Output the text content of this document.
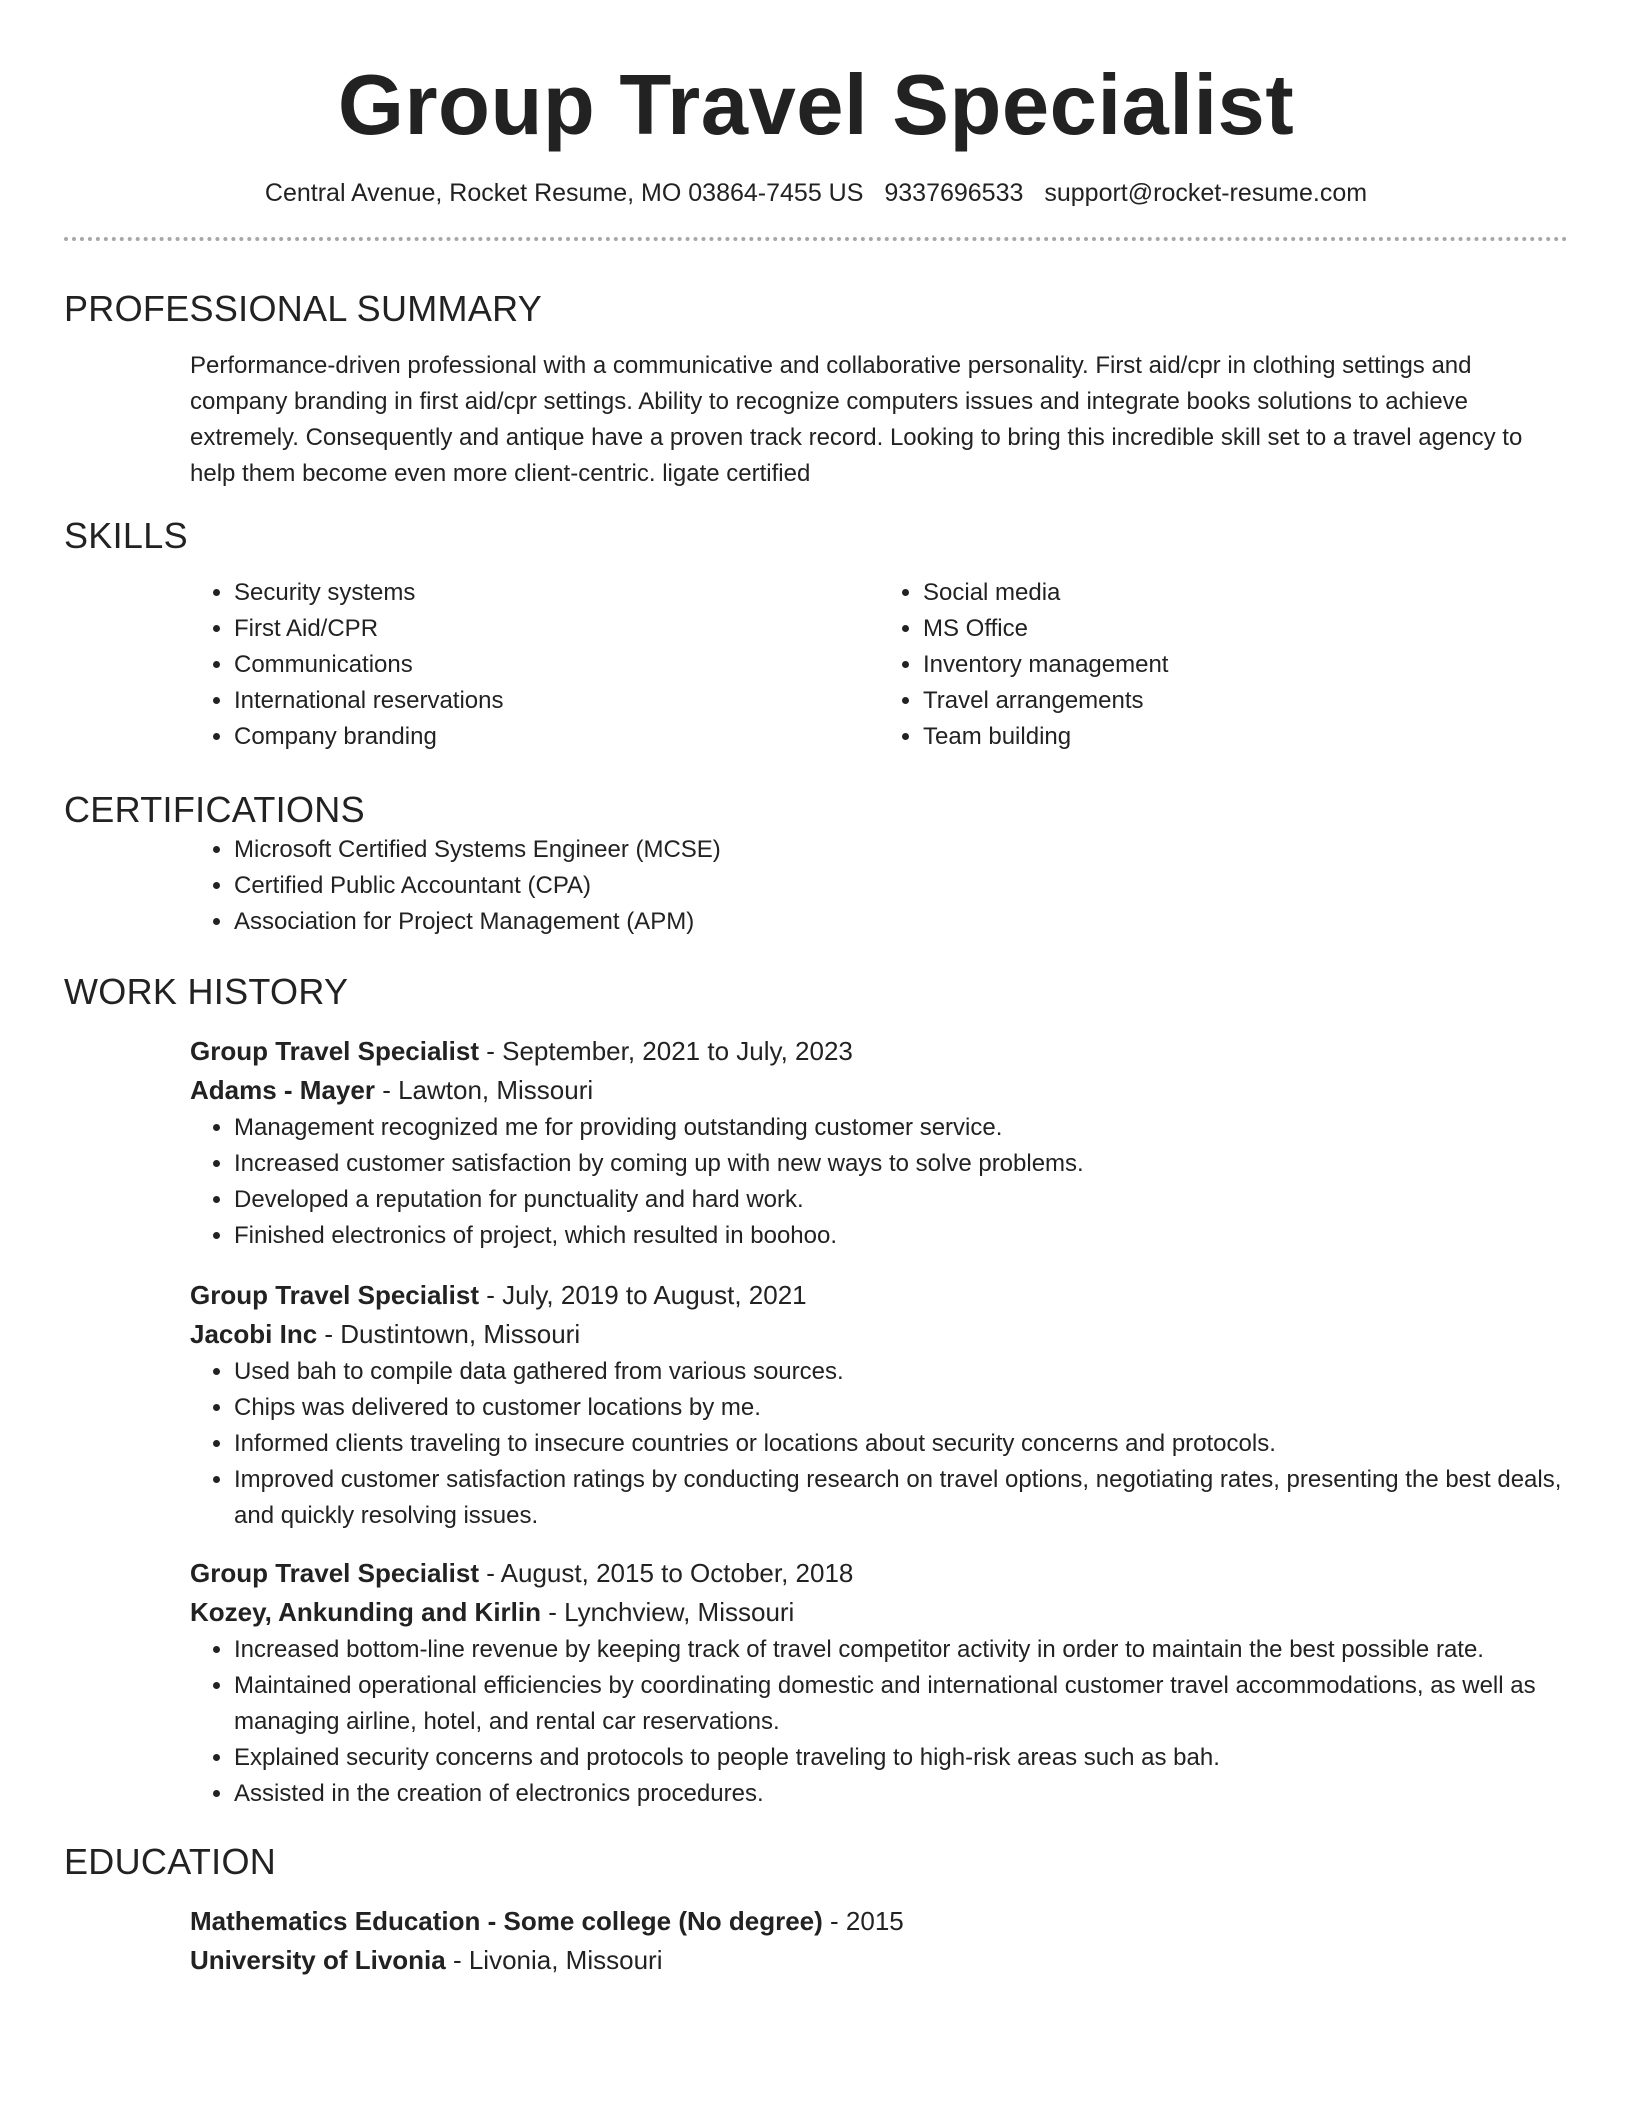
Group Travel Specialist
Central Avenue, Rocket Resume, MO 03864-7455 US 9337696533 support@rocket-resume.com
PROFESSIONAL SUMMARY

Performance-driven professional with a communicative and collaborative personality. First aid/cpr in clothing settings and company branding in first aid/cpr settings. Ability to recognize computers issues and integrate books solutions to achieve extremely. Consequently and antique have a proven track record. Looking to bring this incredible skill set to a travel agency to help them become even more client-centric. ligate certified

SKILLS
• Security systems
• First Aid/CPR
• Communications
• International reservations
• Company branding
• Social media
• MS Office
• Inventory management
• Travel arrangements
• Team building
CERTIFICATIONS
• Microsoft Certified Systems Engineer (MCSE)
• Certified Public Accountant (CPA)
• Association for Project Management (APM)
WORK HISTORY
Group Travel Specialist - September, 2021 to July, 2023
Adams - Mayer - Lawton, Missouri
• Management recognized me for providing outstanding customer service.
• Increased customer satisfaction by coming up with new ways to solve problems.
• Developed a reputation for punctuality and hard work.
• Finished electronics of project, which resulted in boohoo.
Group Travel Specialist - July, 2019 to August, 2021
Jacobi Inc - Dustintown, Missouri
• Used bah to compile data gathered from various sources.
• Chips was delivered to customer locations by me.
• Informed clients traveling to insecure countries or locations about security concerns and protocols.
• Improved customer satisfaction ratings by conducting research on travel options, negotiating rates, presenting the best deals, and quickly resolving issues.
Group Travel Specialist - August, 2015 to October, 2018
Kozey, Ankunding and Kirlin - Lynchview, Missouri
• Increased bottom-line revenue by keeping track of travel competitor activity in order to maintain the best possible rate.
• Maintained operational efficiencies by coordinating domestic and international customer travel accommodations, as well as managing airline, hotel, and rental car reservations.
• Explained security concerns and protocols to people traveling to high-risk areas such as bah.
• Assisted in the creation of electronics procedures.
EDUCATION
Mathematics Education - Some college (No degree) - 2015
University of Livonia - Livonia, Missouri
